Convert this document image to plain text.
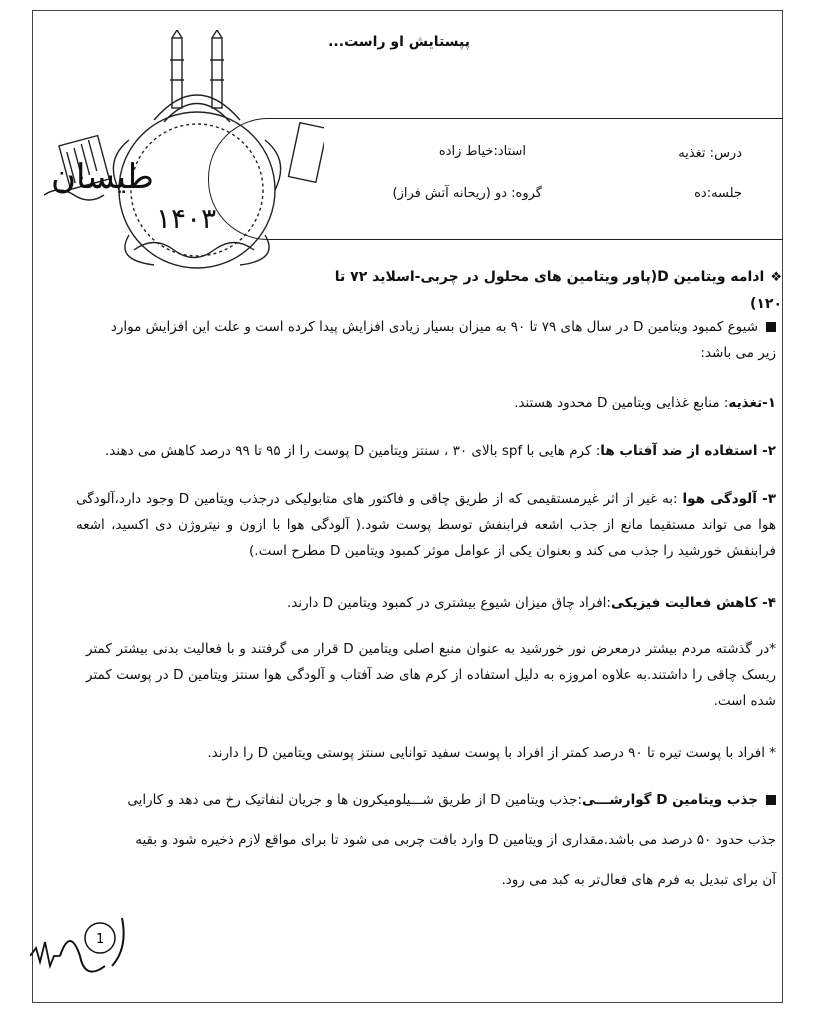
طیسان
۱۴۰۳
پپستایش او راست...
درس: تغذیه
استاد:خیاط زاده
جلسه:ده
گروه: دو (ریحانه آتش فراز)
❖ادامه ویتامین D(پاور ویتامین های محلول در چربی-اسلاید ۷۲ تا ۱۲۰)
شیوع کمبود ویتامین D در سال های ۷۹ تا ۹۰ به میزان بسیار زیادی افزایش پیدا کرده است و علت این افزایش موارد زیر می باشد:
۱-تغذیه: منابع غذایی ویتامین D محدود هستند.
۲- استفاده از ضد آفتاب ها: کرم هایی با spf بالای ۳۰ ، سنتز ویتامین D پوست را از ۹۵ تا ۹۹ درصد کاهش می دهند.
۳- آلودگی هوا :به غیر از اثر غیرمستقیمی که از طریق چاقی و فاکتور های متابولیکی درجذب ویتامین D وجود دارد،آلودگی هوا می تواند مستقیما مانع از جذب اشعه فرابنفش توسط پوست شود.( آلودگی هوا با ازون و نیتروژن دی اکسید، اشعه فرابنفش خورشید را جذب می کند و بعنوان یکی از عوامل موثر کمبود ویتامین D مطرح است.)
۴- کاهش فعالیت فیزیکی:افراد چاق میزان شیوع بیشتری در کمبود ویتامین D دارند.
*در گذشته مردم بیشتر درمعرض نور خورشید به عنوان منبع اصلی ویتامین D قرار می گرفتند و با فعالیت بدنی بیشتر کمتر ریسک چاقی را داشتند.به علاوه امروزه به دلیل استفاده از کرم های ضد آفتاب و آلودگی هوا سنتز ویتامین D در پوست کمتر شده است.
* افراد با پوست تیره تا ۹۰ درصد کمتر از افراد با پوست سفید توانایی سنتز پوستی ویتامین D را دارند.
جذب ویتامین D گوارشـــی:جذب ویتامین D از طریق شـــیلومیکرون ها و جریان لنفاتیک رخ می دهد و کارایی
جذب حدود ۵۰ درصد می باشد.مقداری از ویتامین D وارد بافت چربی می شود تا برای مواقع لازم ذخیره شود و بقیه
آن برای تبدیل به فرم های فعال‌تر به کبد می رود.
1
